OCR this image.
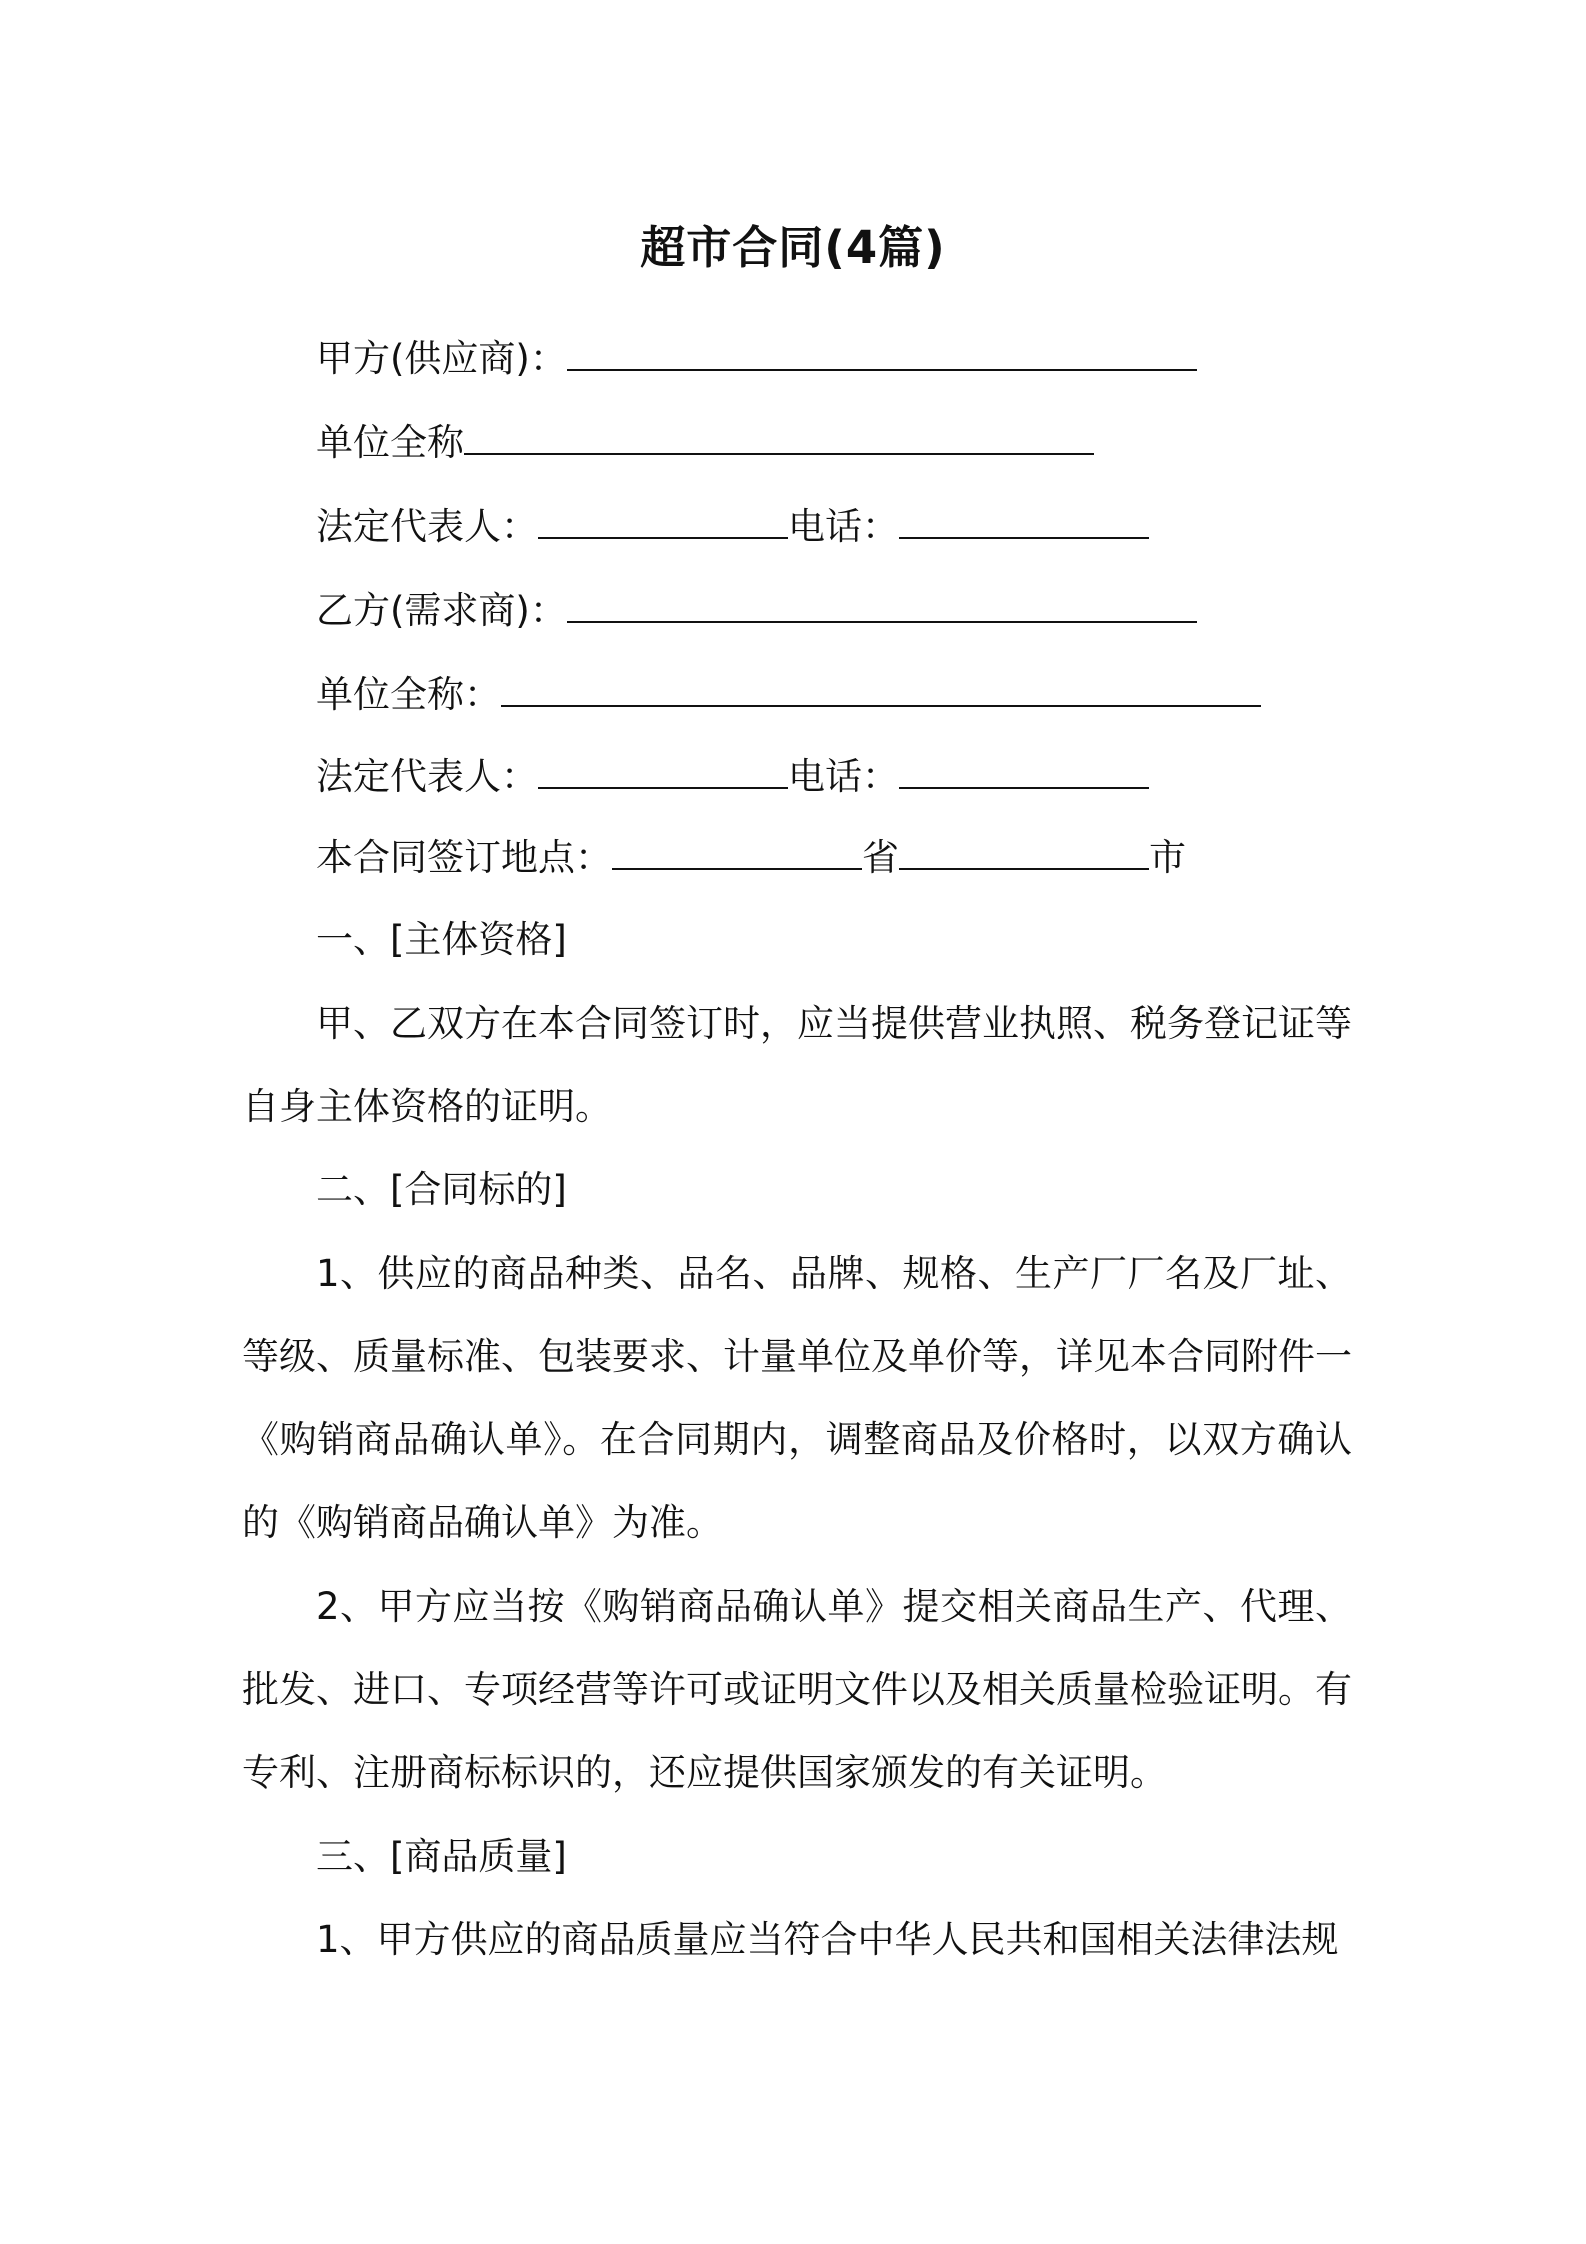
超市合同(4篇)
甲方(供应商)：
单位全称
法定代表人：	电话：
乙方(需求商)：
单位全称：
法定代表人：	电话：
本合同签订地点：	省	市
一、[主体资格]

甲、乙双方在本合同签订时，应当提供营业执照、税务登记证等自身主体资格的证明。

二、[合同标的]

1、供应的商品种类、品名、品牌、规格、生产厂厂名及厂址、等级、质量标准、包装要求、计量单位及单价等，详见本合同附件一《购销商品确认单》。在合同期内，调整商品及价格时，以双方确认的《购销商品确认单》为准。

2、甲方应当按《购销商品确认单》提交相关商品生产、代理、批发、进口、专项经营等许可或证明文件以及相关质量检验证明。有专利、注册商标标识的，还应提供国家颁发的有关证明。

三、[商品质量]

1、甲方供应的商品质量应当符合中华人民共和国相关法律法规
